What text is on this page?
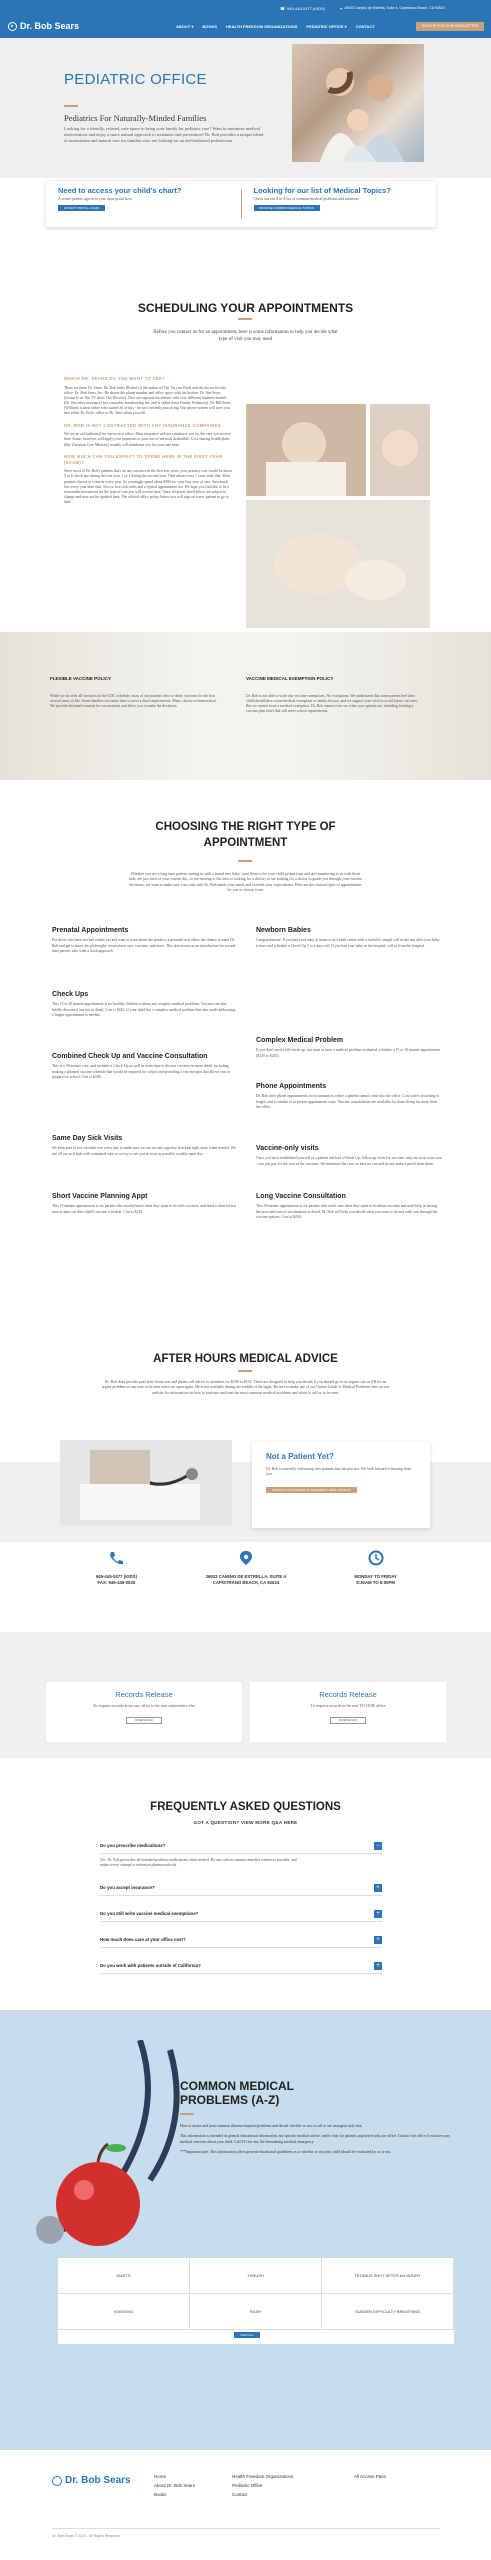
Dr. Bob Sears
☎ 949-445-0477 (KIDS)	⌖ 26933 Camino de Estrella, Suite A, Capistrano Beach, CA 92624
ABOUT ▾ BOOKS HEALTH FREEDOM ORGANIZATIONS PEDIATRIC OFFICE ▾ CONTACT	SIGN UP FOR OUR NEWSLETTER
PEDIATRIC OFFICE
Pediatrics For Naturally-Minded Families

Looking for a friendly, relaxed, safe space to bring your family for pediatric care? Want to minimize medical interventions and enjoy a more natural approach to treatment and prevention? Dr. Bob provides a unique blend of mainstream and natural care for families who are looking for an old-fashioned pediatrician.

Need to access your child's chart?

A secure patient sign-in to your chart portal here.

PATIENT PORTAL LOGIN
Looking for our list of Medical Topics?

Check out our A to Z list of common medical problems and solutions.

BROWSE COMMON MEDICAL TOPICS
SCHEDULING YOUR APPOINTMENTS
Before you contact us for an appointment, here is some information to help you decide what type of visit you may need
WHICH DR. SEARS DO YOU WANT TO SEE?
There are three Dr. Sears. Dr. Bob Sears (Robert) is the author of The Vaccine Book and the doctor for this office. Dr. Bob Sears, Inc. He shares the phone number and office space with his brother, Dr. Jim Sears (formerly on The TV show The Doctors). They are separate businesses with very different business models (Dr. Jim takes insurance) but a monthly membership fee, and is called Sears Family Pediatrics). Dr. Bill Sears (William) is their father who started all of this - he isn't currently practicing. Our phone system will steer you into either Dr. Bob's office or Dr. Jim's when you call.
DR. BOB IS NOT CONTRACTED WITH ANY INSURANCE COMPANIES
We are an old fashioned fee-for-service office. Most insurance will not reimburse you for the care you receive here. Some, however, will apply your payments to your out-of-network deductible. Cost-sharing health plans (like Christian Care Ministry) usually will reimburse you for your care here.
HOW MUCH CAN YOU EXPECT TO SPEND HERE IN THE FIRST YEAR (EXAM)?
Since most of Dr. Bob's patients don't do any vaccines in the first few years, your primary cost would be about 5 or 6 check ups during the first year, 1 or 2 during the second year. Then about every 1 years after that. Most patients choose to come in every year. So you might spend about $990 for your first year of care, then much less every year after that. Two or five sick visits and a typical appointment too. We hope you find this to be a reasonable investment for the type of care you will receive here. Since all prices listed below are subject to change and may not be updated here. The official office policy letters you will sign on a new patient to go to date.
FLEXIBLE VACCINE POLICY
While we do offer all vaccines on the CDC schedule, most of our patients elect to delay vaccines for the first several years of life. Some families vaccinate later to meet school requirements. Many choose to homeschool. We provide informed consent for vaccinations and allow you to make the decisions.
VACCINE MEDICAL EXEMPTION POLICY
Dr. Bob is not able to write any vaccine exemptions. No exceptions. We understand that some parents feel their child should have a non-medical exemption or family history, and we support your wish to avoid future vaccines. But we cannot issue a medical exemption. Dr. Bob cannot even see what your options are, including looking a vaccine plan letter that will meet school requirements.
CHOOSING THE RIGHT TYPE OF APPOINTMENT
Whether you are a long time patient coming in with a brand new baby, want Sears to be your child pediatrician and are transferring to us with those kids, are just tired of your current doc, or are moving to the area or looking for a doctor, or are looking for a doctor to guide you through your vaccine decisions, we want to make sure your visit with Dr. Bob meets your needs and exceeds your expectations. Here are the various types of appointments for you to choose from:
Prenatal Appointments
For those who have not had a baby yet and want to learn about the practice, a prenatal visit offers the chance to meet Dr. Bob and get to know his philosophy on newborn care, vaccines, and more. This also serves as an introduction for second-time parents who want a fresh approach.
Check Ups
This 15 to 20 minute appointment is for healthy children without any complex medical problems. Vaccines are also briefly discussed, but not in detail. Cost is $240. If your child has a complex medical problem that also needs addressing, a longer appointment is needed.
Combined Check Up and Vaccine Consultation
This is a 30 minute visit, and includes a Check Up as well as extra time to discuss vaccines in more detail, including making a planned vaccine schedule that would be required for school and providing a vaccine plan that allows you to prepare for school. Cost is $330.
Same Day Sick Visits
We keep part of our schedule free every day to make sure we can see any urgently sick kids right away when needed. We use all our sick kids with a minimal wait so we try to see you as soon as possible, usually same day.
Short Vaccine Planning Appt
This 15 minute appointment is for parents who mostly know what they want to do with vaccines, and need a short review time to plan out their child's vaccine schedule. Cost is $120.
Newborn Babies
Congratulations! If you had your baby at home or in a birth center with a midwife, simply call us the day after your baby is born and schedule a Check Up 2 to 4 days old. If you had your baby in the hospital, call us from the hospital.
Complex Medical Problem
If you don't need a full check up, but want to have a medical problem evaluated, schedule a 15 or 30 minute appointment ($120 to $250).
Phone Appointments
Dr. Bob does phone appointments in circumstances where a patient cannot come into the office. Cost varies according to length, and is similar to in-person appointment costs. Vaccine consultations are available for those living far away from the office.
Vaccine-only visits
Once you have established yourself as a patient and had a Check Up, follow up visits for vaccines only are at no extra cost - you just pay for the cost of the vaccines. We minimize the costs as best we can and do not make a profit from them.
Long Vaccine Consultation
This 30 minute appointment is for parents who aren't sure what they want to do about vaccines and need help in having the pros and cons of vaccinations in detail. Dr. Bob will help you decide what you want to do and walk you through the vaccine options. Cost is $250.
AFTER HOURS MEDICAL ADVICE
Dr. Bob does provide paid after-hours text and phone call advice to members for $100 to $150. These are designed to help you decide if you should go to an urgent care or ER for an urgent problem or can wait to be seen when we open again. He is not available during the middle of the night. Be sure to make use of our Online Guide to Medical Problems here on our website for information on how to evaluate and treat the most common medical problems and when to call or to be seen.
Not a Patient Yet?
Dr. Bob is currently welcoming new patients into his practice. We look forward to hearing from you.
CONTACT OUR OFFICE TO REQUEST A NEW CONSULT
949-445-0477 (KIDS)
FAX: 949-445-0525
26933 CAMINO DE ESTRELLA, SUITE A
CAPISTRANO BEACH, CA 92624
MONDAY TO FRIDAY
8:30AM TO 5:00PM
Records Release
To request records from our office to be sent somewhere else
DOWNLOAD
Records Release
To request records to be sent TO OUR office
DOWNLOAD
FREQUENTLY ASKED QUESTIONS
GOT A QUESTION? VIEW MORE Q&A HERE
Do you prescribe medications?	−
Yes. Dr. Bob prescribes all standard pediatric medications when needed. He also utilizes natural remedies whenever possible, and makes every attempt to minimize pharmaceuticals.
Do you accept insurance?	+
Do you still write vaccine medical exemptions?	+
How much does care at your office cost?	+
Do you work with patients outside of California?	+
COMMON MEDICAL PROBLEMS (A-Z)
How to assess and treat common illnesses/injuries/problems and decide whether or not to call or see an urgent sick visit.
This information is intended as general educational information, not specific medical advice, and is only for patients registered with our office. Contact our office if you have any medical concerns about your child. Call 911 for any life-threatening medical emergency.
***Important note: This information offers general educational guidelines as to whether or not your child should be evaluated by us or not.
WARTS	THRUSH	TETANUS SHOT AFTER AN INJURY
VOMITING	RASH	SUDDEN DIFFICULTY BREATHING
VIEW ALL
Dr. Bob Sears	Home
About Dr. Bob Sears
Books
Health Freedom Organizations
Pediatric Office
Contact
All Access Pass
Dr. Bob Sears © 2024 - All Rights Reserved
